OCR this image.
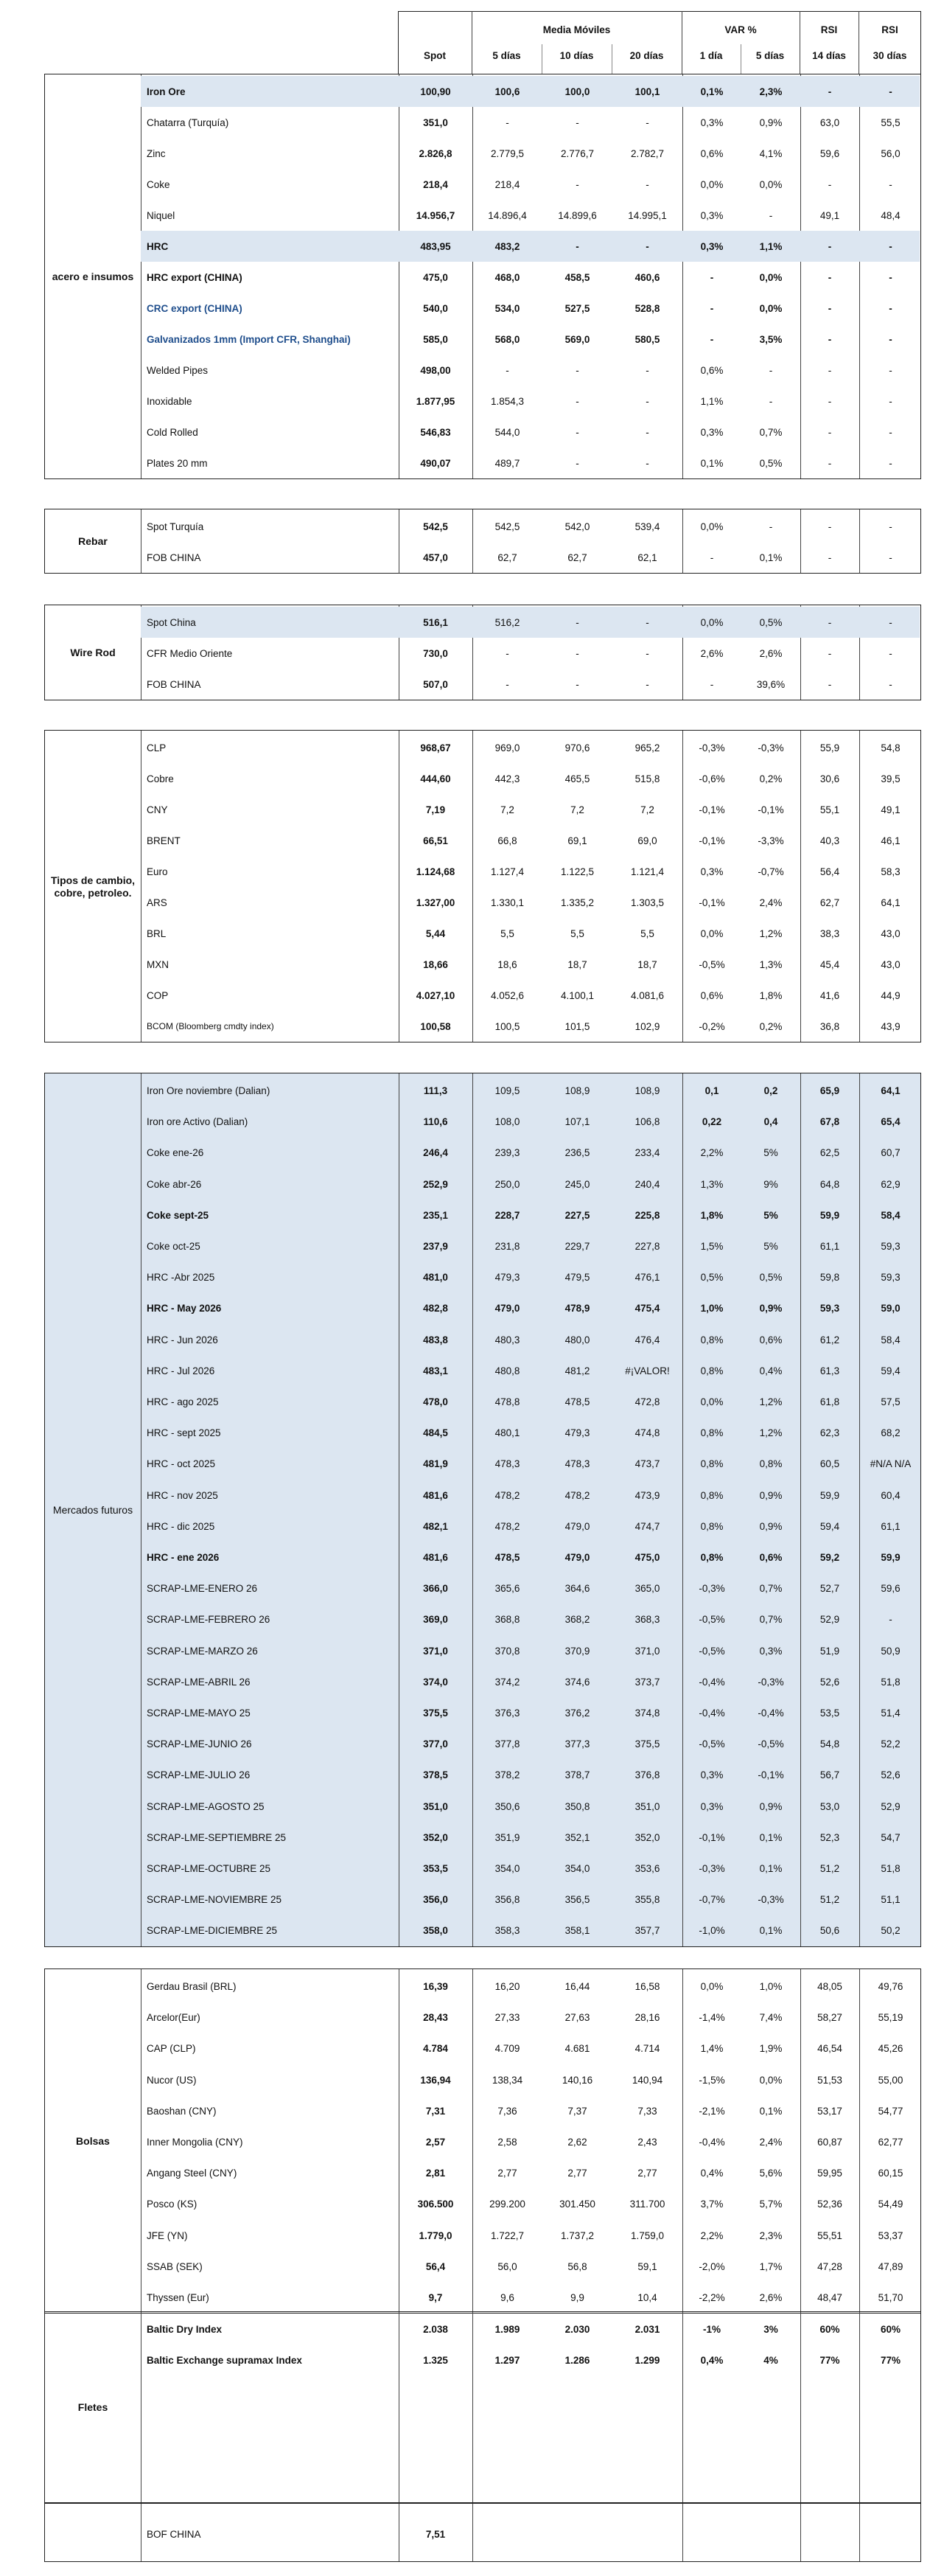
Spot
Media Móviles	VAR %	RSI	RSI
5 días	10 días	20 días	1 día	5 días	14 días	30 días
acero e insumos
Iron Ore	100,90	100,6	100,0	100,1	0,1%	2,3%	-	-
Chatarra (Turquía)	351,0	-	-	-	0,3%	0,9%	63,0	55,5
Zinc	2.826,8	2.779,5	2.776,7	2.782,7	0,6%	4,1%	59,6	56,0
Coke	218,4	218,4	-	-	0,0%	0,0%	-	-
Niquel	14.956,7	14.896,4	14.899,6	14.995,1	0,3%	-	49,1	48,4
HRC	483,95	483,2	-	-	0,3%	1,1%	-	-
HRC export (CHINA)	475,0	468,0	458,5	460,6	-	0,0%	-	-
CRC export (CHINA)	540,0	534,0	527,5	528,8	-	0,0%	-	-
Galvanizados 1mm (Import CFR, Shanghai)	585,0	568,0	569,0	580,5	-	3,5%	-	-
Welded Pipes	498,00	-	-	-	0,6%	-	-	-
Inoxidable	1.877,95	1.854,3	-	-	1,1%	-	-	-
Cold Rolled	546,83	544,0	-	-	0,3%	0,7%	-	-
Plates 20 mm	490,07	489,7	-	-	0,1%	0,5%	-	-
Rebar
Spot Turquía	542,5	542,5	542,0	539,4	0,0%	-	-	-
FOB CHINA	457,0	62,7	62,7	62,1	-	0,1%	-	-
Wire Rod
Spot China	516,1	516,2	-	-	0,0%	0,5%	-	-
CFR Medio Oriente	730,0	-	-	-	2,6%	2,6%	-	-
FOB CHINA	507,0	-	-	-	-	39,6%	-	-
Tipos de cambio, cobre, petroleo.
CLP	968,67	969,0	970,6	965,2	-0,3%	-0,3%	55,9	54,8
Cobre	444,60	442,3	465,5	515,8	-0,6%	0,2%	30,6	39,5
CNY	7,19	7,2	7,2	7,2	-0,1%	-0,1%	55,1	49,1
BRENT	66,51	66,8	69,1	69,0	-0,1%	-3,3%	40,3	46,1
Euro	1.124,68	1.127,4	1.122,5	1.121,4	0,3%	-0,7%	56,4	58,3
ARS	1.327,00	1.330,1	1.335,2	1.303,5	-0,1%	2,4%	62,7	64,1
BRL	5,44	5,5	5,5	5,5	0,0%	1,2%	38,3	43,0
MXN	18,66	18,6	18,7	18,7	-0,5%	1,3%	45,4	43,0
COP	4.027,10	4.052,6	4.100,1	4.081,6	0,6%	1,8%	41,6	44,9
BCOM (Bloomberg cmdty index)	100,58	100,5	101,5	102,9	-0,2%	0,2%	36,8	43,9
Mercados futuros
Iron Ore noviembre (Dalian)	111,3	109,5	108,9	108,9	0,1	0,2	65,9	64,1
Iron ore Activo (Dalian)	110,6	108,0	107,1	106,8	0,22	0,4	67,8	65,4
Coke ene-26	246,4	239,3	236,5	233,4	2,2%	5%	62,5	60,7
Coke abr-26	252,9	250,0	245,0	240,4	1,3%	9%	64,8	62,9
Coke sept-25	235,1	228,7	227,5	225,8	1,8%	5%	59,9	58,4
Coke oct-25	237,9	231,8	229,7	227,8	1,5%	5%	61,1	59,3
HRC -Abr 2025	481,0	479,3	479,5	476,1	0,5%	0,5%	59,8	59,3
HRC - May 2026	482,8	479,0	478,9	475,4	1,0%	0,9%	59,3	59,0
HRC - Jun 2026	483,8	480,3	480,0	476,4	0,8%	0,6%	61,2	58,4
HRC - Jul 2026	483,1	480,8	481,2	#¡VALOR!	0,8%	0,4%	61,3	59,4
HRC - ago 2025	478,0	478,8	478,5	472,8	0,0%	1,2%	61,8	57,5
HRC - sept 2025	484,5	480,1	479,3	474,8	0,8%	1,2%	62,3	68,2
HRC - oct 2025	481,9	478,3	478,3	473,7	0,8%	0,8%	60,5	#N/A N/A
HRC - nov 2025	481,6	478,2	478,2	473,9	0,8%	0,9%	59,9	60,4
HRC - dic 2025	482,1	478,2	479,0	474,7	0,8%	0,9%	59,4	61,1
HRC - ene 2026	481,6	478,5	479,0	475,0	0,8%	0,6%	59,2	59,9
SCRAP-LME-ENERO 26	366,0	365,6	364,6	365,0	-0,3%	0,7%	52,7	59,6
SCRAP-LME-FEBRERO 26	369,0	368,8	368,2	368,3	-0,5%	0,7%	52,9	-
SCRAP-LME-MARZO 26	371,0	370,8	370,9	371,0	-0,5%	0,3%	51,9	50,9
SCRAP-LME-ABRIL 26	374,0	374,2	374,6	373,7	-0,4%	-0,3%	52,6	51,8
SCRAP-LME-MAYO 25	375,5	376,3	376,2	374,8	-0,4%	-0,4%	53,5	51,4
SCRAP-LME-JUNIO 26	377,0	377,8	377,3	375,5	-0,5%	-0,5%	54,8	52,2
SCRAP-LME-JULIO 26	378,5	378,2	378,7	376,8	0,3%	-0,1%	56,7	52,6
SCRAP-LME-AGOSTO 25	351,0	350,6	350,8	351,0	0,3%	0,9%	53,0	52,9
SCRAP-LME-SEPTIEMBRE 25	352,0	351,9	352,1	352,0	-0,1%	0,1%	52,3	54,7
SCRAP-LME-OCTUBRE 25	353,5	354,0	354,0	353,6	-0,3%	0,1%	51,2	51,8
SCRAP-LME-NOVIEMBRE 25	356,0	356,8	356,5	355,8	-0,7%	-0,3%	51,2	51,1
SCRAP-LME-DICIEMBRE 25	358,0	358,3	358,1	357,7	-1,0%	0,1%	50,6	50,2
Bolsas
Gerdau Brasil (BRL)	16,39	16,20	16,44	16,58	0,0%	1,0%	48,05	49,76
Arcelor(Eur)	28,43	27,33	27,63	28,16	-1,4%	7,4%	58,27	55,19
CAP (CLP)	4.784	4.709	4.681	4.714	1,4%	1,9%	46,54	45,26
Nucor (US)	136,94	138,34	140,16	140,94	-1,5%	0,0%	51,53	55,00
Baoshan (CNY)	7,31	7,36	7,37	7,33	-2,1%	0,1%	53,17	54,77
Inner Mongolia (CNY)	2,57	2,58	2,62	2,43	-0,4%	2,4%	60,87	62,77
Angang Steel (CNY)	2,81	2,77	2,77	2,77	0,4%	5,6%	59,95	60,15
Posco (KS)	306.500	299.200	301.450	311.700	3,7%	5,7%	52,36	54,49
JFE (YN)	1.779,0	1.722,7	1.737,2	1.759,0	2,2%	2,3%	55,51	53,37
SSAB (SEK)	56,4	56,0	56,8	59,1	-2,0%	1,7%	47,28	47,89
Thyssen (Eur)	9,7	9,6	9,9	10,4	-2,2%	2,6%	48,47	51,70
Fletes
Baltic Dry Index	2.038	1.989	2.030	2.031	-1%	3%	60%	60%
Baltic Exchange supramax Index	1.325	1.297	1.286	1.299	0,4%	4%	77%	77%
BOF CHINA	7,51
